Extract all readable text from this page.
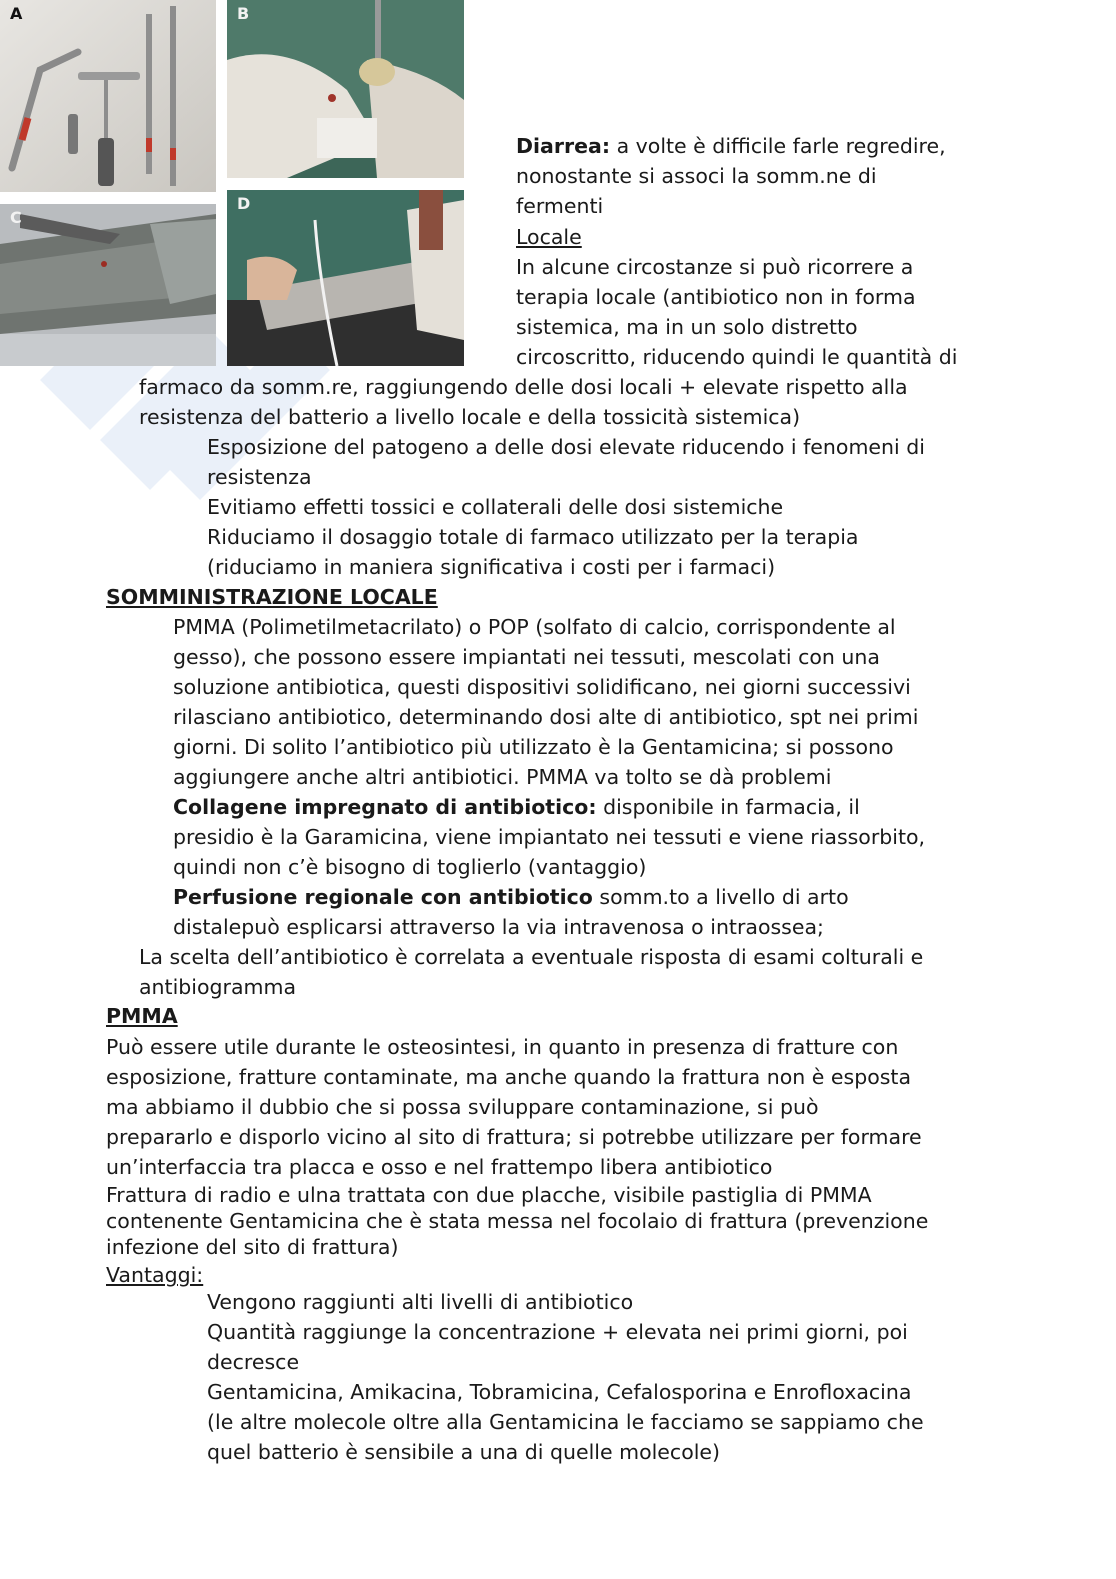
A	B
C
D
Diarrea: a volte è difficile farle regredire,
nonostante si associ la somm.ne di
fermenti
Locale
In alcune circostanze si può ricorrere a
terapia locale (antibiotico non in forma
sistemica, ma in un solo distretto
circoscritto, riducendo quindi le quantità di
farmaco da somm.re, raggiungendo delle dosi locali + elevate rispetto alla
resistenza del batterio a livello locale e della tossicità sistemica)
Esposizione del patogeno a delle dosi elevate riducendo i fenomeni di
resistenza
Evitiamo effetti tossici e collaterali delle dosi sistemiche
Riduciamo il dosaggio totale di farmaco utilizzato per la terapia
(riduciamo in maniera significativa i costi per i farmaci)
SOMMINISTRAZIONE LOCALE
PMMA (Polimetilmetacrilato) o POP (solfato di calcio, corrispondente al
gesso), che possono essere impiantati nei tessuti, mescolati con una
soluzione antibiotica, questi dispositivi solidificano, nei giorni successivi
rilasciano antibiotico, determinando dosi alte di antibiotico, spt nei primi
giorni. Di solito l’antibiotico più utilizzato è la Gentamicina; si possono
aggiungere anche altri antibiotici. PMMA va tolto se dà problemi
Collagene impregnato di antibiotico: disponibile in farmacia, il
presidio è la Garamicina, viene impiantato nei tessuti e viene riassorbito,
quindi non c’è bisogno di toglierlo (vantaggio)
Perfusione regionale con antibiotico somm.to a livello di arto
distalepuò esplicarsi attraverso la via intravenosa o intraossea;
La scelta dell’antibiotico è correlata a eventuale risposta di esami colturali e
antibiogramma
PMMA
Può essere utile durante le osteosintesi, in quanto in presenza di fratture con
esposizione, fratture contaminate, ma anche quando la frattura non è esposta
ma abbiamo il dubbio che si possa sviluppare contaminazione, si può
prepararlo e disporlo vicino al sito di frattura; si potrebbe utilizzare per formare
un’interfaccia tra placca e osso e nel frattempo libera antibiotico
Frattura di radio e ulna trattata con due placche, visibile pastiglia di PMMA
contenente Gentamicina che è stata messa nel focolaio di frattura (prevenzione
infezione del sito di frattura)
Vantaggi:
Vengono raggiunti alti livelli di antibiotico
Quantità raggiunge la concentrazione + elevata nei primi giorni, poi
decresce
Gentamicina, Amikacina, Tobramicina, Cefalosporina e Enrofloxacina
(le altre molecole oltre alla Gentamicina le facciamo se sappiamo che
quel batterio è sensibile a una di quelle molecole)
